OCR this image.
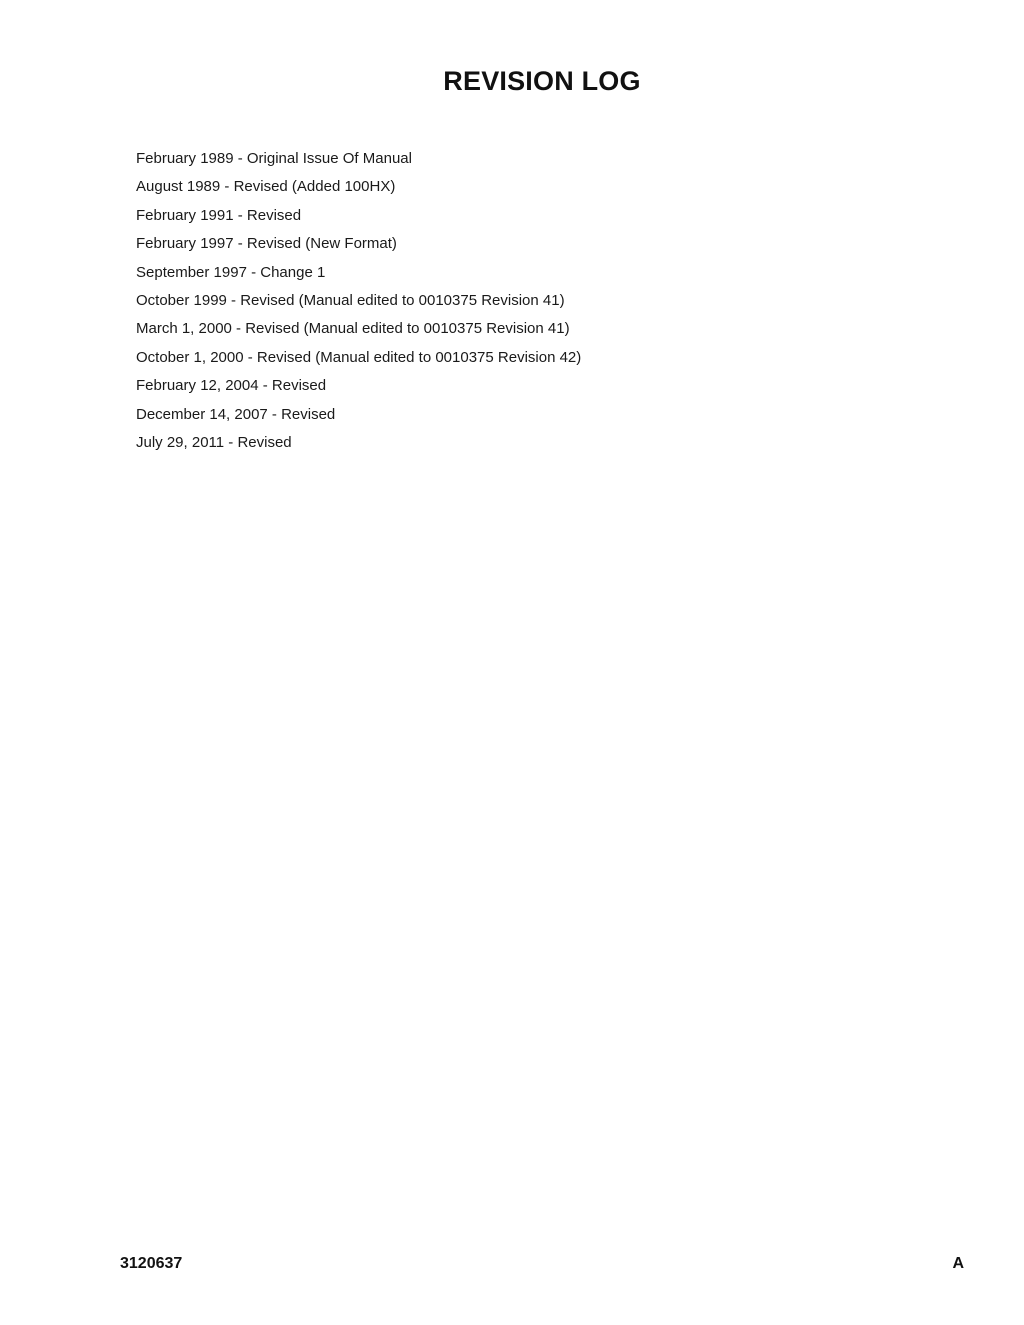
REVISION LOG
February 1989 - Original Issue Of Manual
August 1989 - Revised (Added 100HX)
February 1991 - Revised
February 1997 - Revised (New Format)
September 1997 - Change 1
October 1999 - Revised (Manual edited to 0010375 Revision 41)
March 1, 2000 - Revised (Manual edited to 0010375 Revision 41)
October 1, 2000 - Revised (Manual edited to 0010375 Revision 42)
February 12, 2004 - Revised
December 14, 2007 - Revised
July 29, 2011 - Revised
3120637	A
